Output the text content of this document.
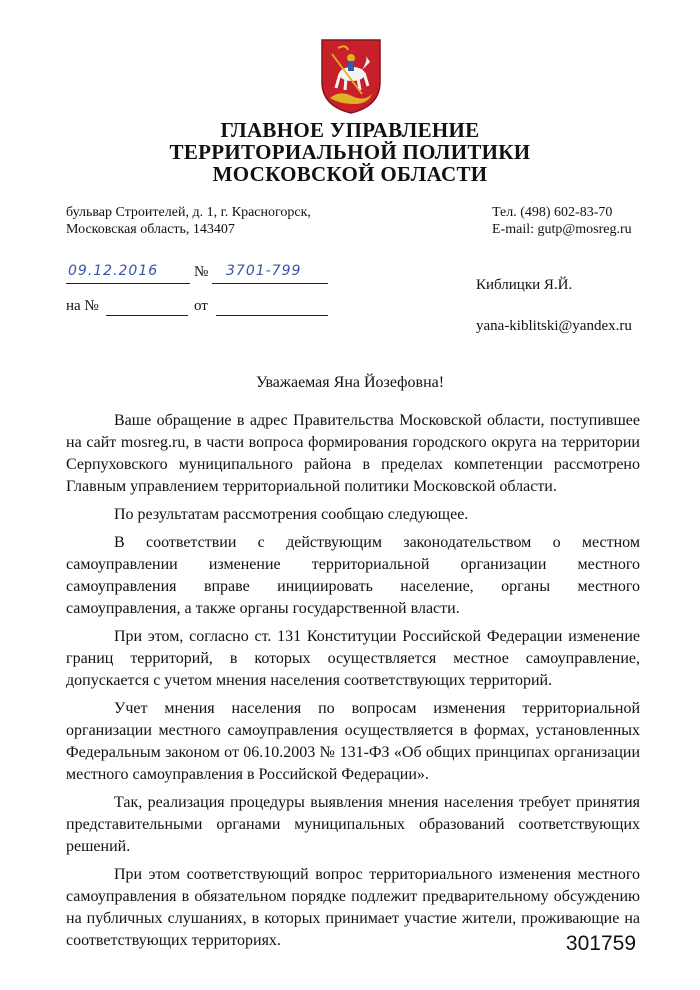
ГЛАВНОЕ УПРАВЛЕНИЕ
ТЕРРИТОРИАЛЬНОЙ ПОЛИТИКИ
МОСКОВСКОЙ ОБЛАСТИ
бульвар Строителей, д. 1, г. Красногорск,
Московская область, 143407
Тел. (498) 602-83-70
E-mail: gutp@mosreg.ru
09.12.2016 № 3701-799
на №	от
Киблицки Я.Й.
yana-kiblitski@yandex.ru
Уважаемая Яна Йозефовна!

Ваше обращение в адрес Правительства Московской области, поступившее на сайт mosreg.ru, в части вопроса формирования городского округа на территории Серпуховского муниципального района в пределах компетенции рассмотрено Главным управлением территориальной политики Московской области.

По результатам рассмотрения сообщаю следующее.

В соответствии с действующим законодательством о местном самоуправлении изменение территориальной организации местного самоуправления вправе инициировать население, органы местного самоуправления, а также органы государственной власти.

При этом, согласно ст. 131 Конституции Российской Федерации изменение границ территорий, в которых осуществляется местное самоуправление, допускается с учетом мнения населения соответствующих территорий.

Учет мнения населения по вопросам изменения территориальной организации местного самоуправления осуществляется в формах, установленных Федеральным законом от 06.10.2003 № 131-ФЗ «Об общих принципах организации местного самоуправления в Российской Федерации».

Так, реализация процедуры выявления мнения населения требует принятия представительными органами муниципальных образований соответствующих решений.

При этом соответствующий вопрос территориального изменения местного самоуправления в обязательном порядке подлежит предварительному обсуждению на публичных слушаниях, в которых принимает участие жители, проживающие на соответствующих территориях.	301759
